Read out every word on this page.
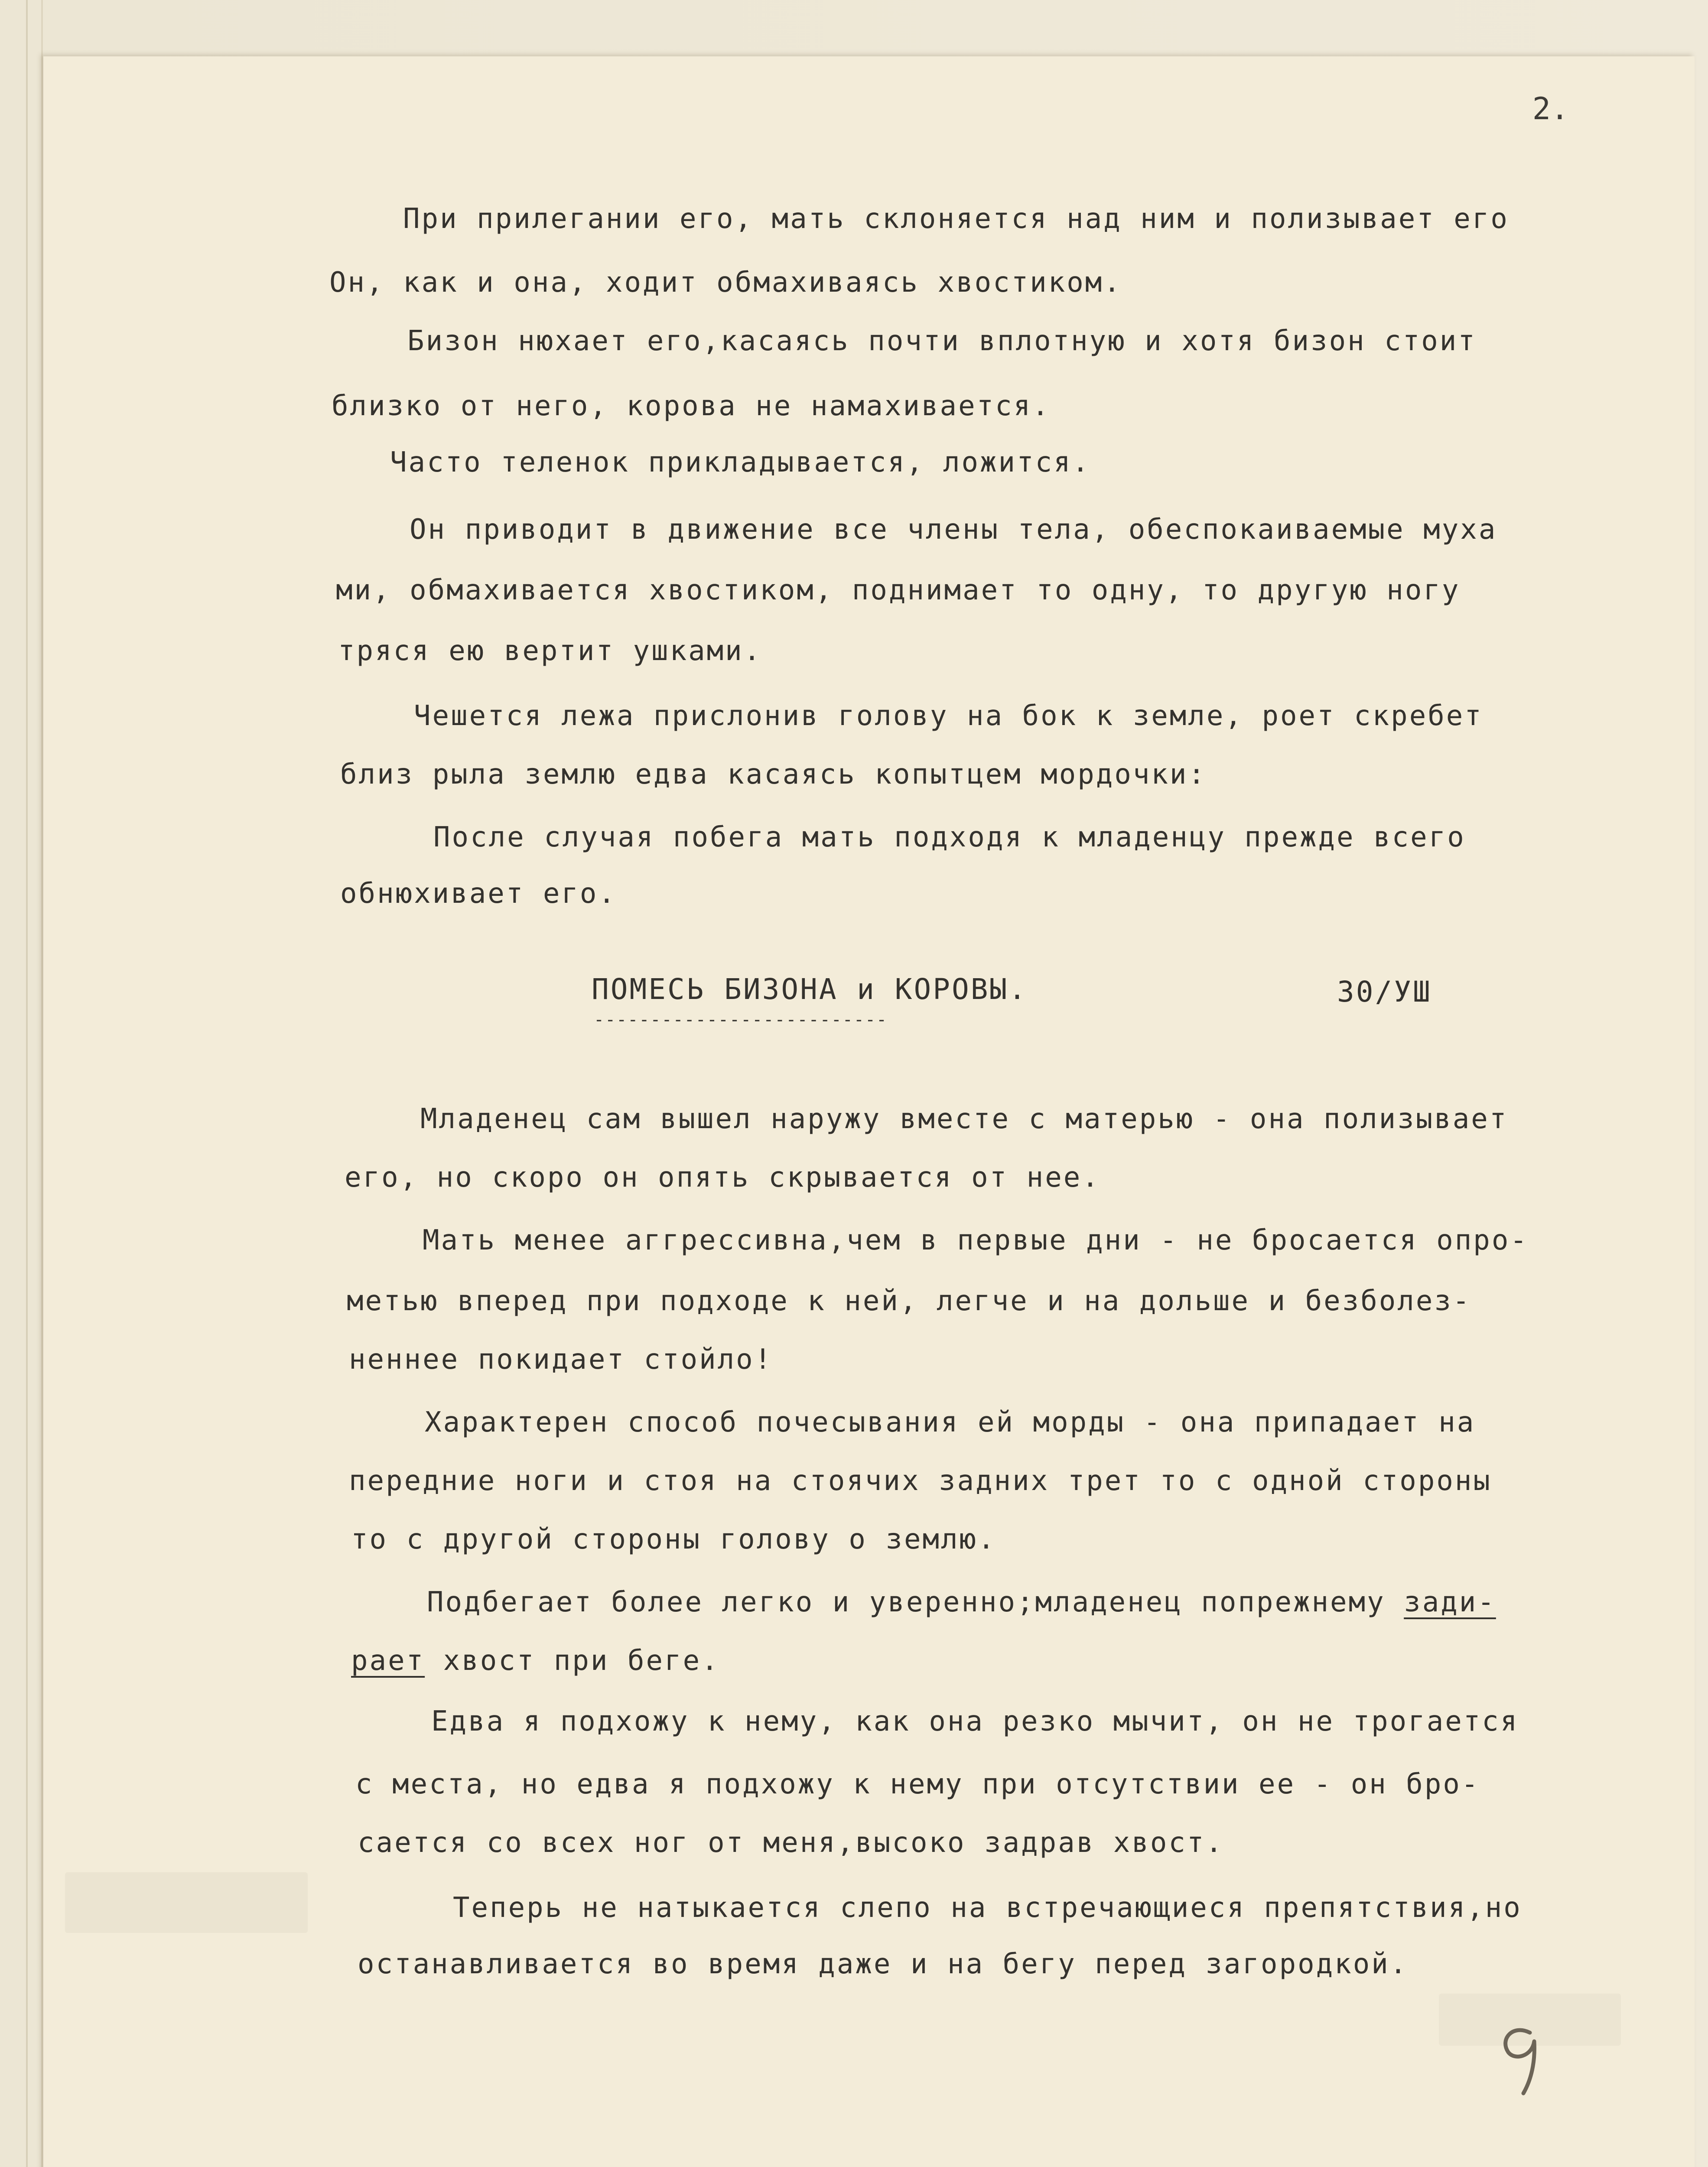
2.
При прилегании его, мать склоняется над ним и полизывает его
Он, как и она, ходит обмахиваясь хвостиком.
Бизон нюхает его,касаясь почти вплотную и хотя бизон стоит
близко от него, корова не намахивается.
Часто теленок прикладывается, ложится.
Он приводит в движение все члены тела, обеспокаиваемые муха
ми, обмахивается хвостиком, поднимает то одну, то другую ногу
тряся ею вертит ушками.
Чешется лежа прислонив голову на бок к земле, роет скребет
близ рыла землю едва касаясь копытцем мордочки:
После случая побега мать подходя к младенцу прежде всего
обнюхивает его.
ПОМЕСЬ БИЗОНА и КОРОВЫ.
--------------------------
30/УШ
Младенец сам вышел наружу вместе с матерью - она полизывает
его, но скоро он опять скрывается от нее.
Мать менее аггрессивна,чем в первые дни - не бросается опро-
метью вперед при подходе к ней, легче и на дольше и безболез-
неннее покидает стойло!
Характерен способ почесывания ей морды - она припадает на
передние ноги и стоя на стоячих задних трет то с одной стороны
то с другой стороны голову о землю.
Подбегает более легко и уверенно;младенец попрежнему зади-
рает хвост при беге.
Едва я подхожу к нему, как она резко мычит, он не трогается
с места, но едва я подхожу к нему при отсутствии ее - он бро-
сается со всех ног от меня,высоко задрав хвост.
Теперь не натыкается слепо на встречающиеся препятствия,но
останавливается во время даже и на бегу перед загородкой.
